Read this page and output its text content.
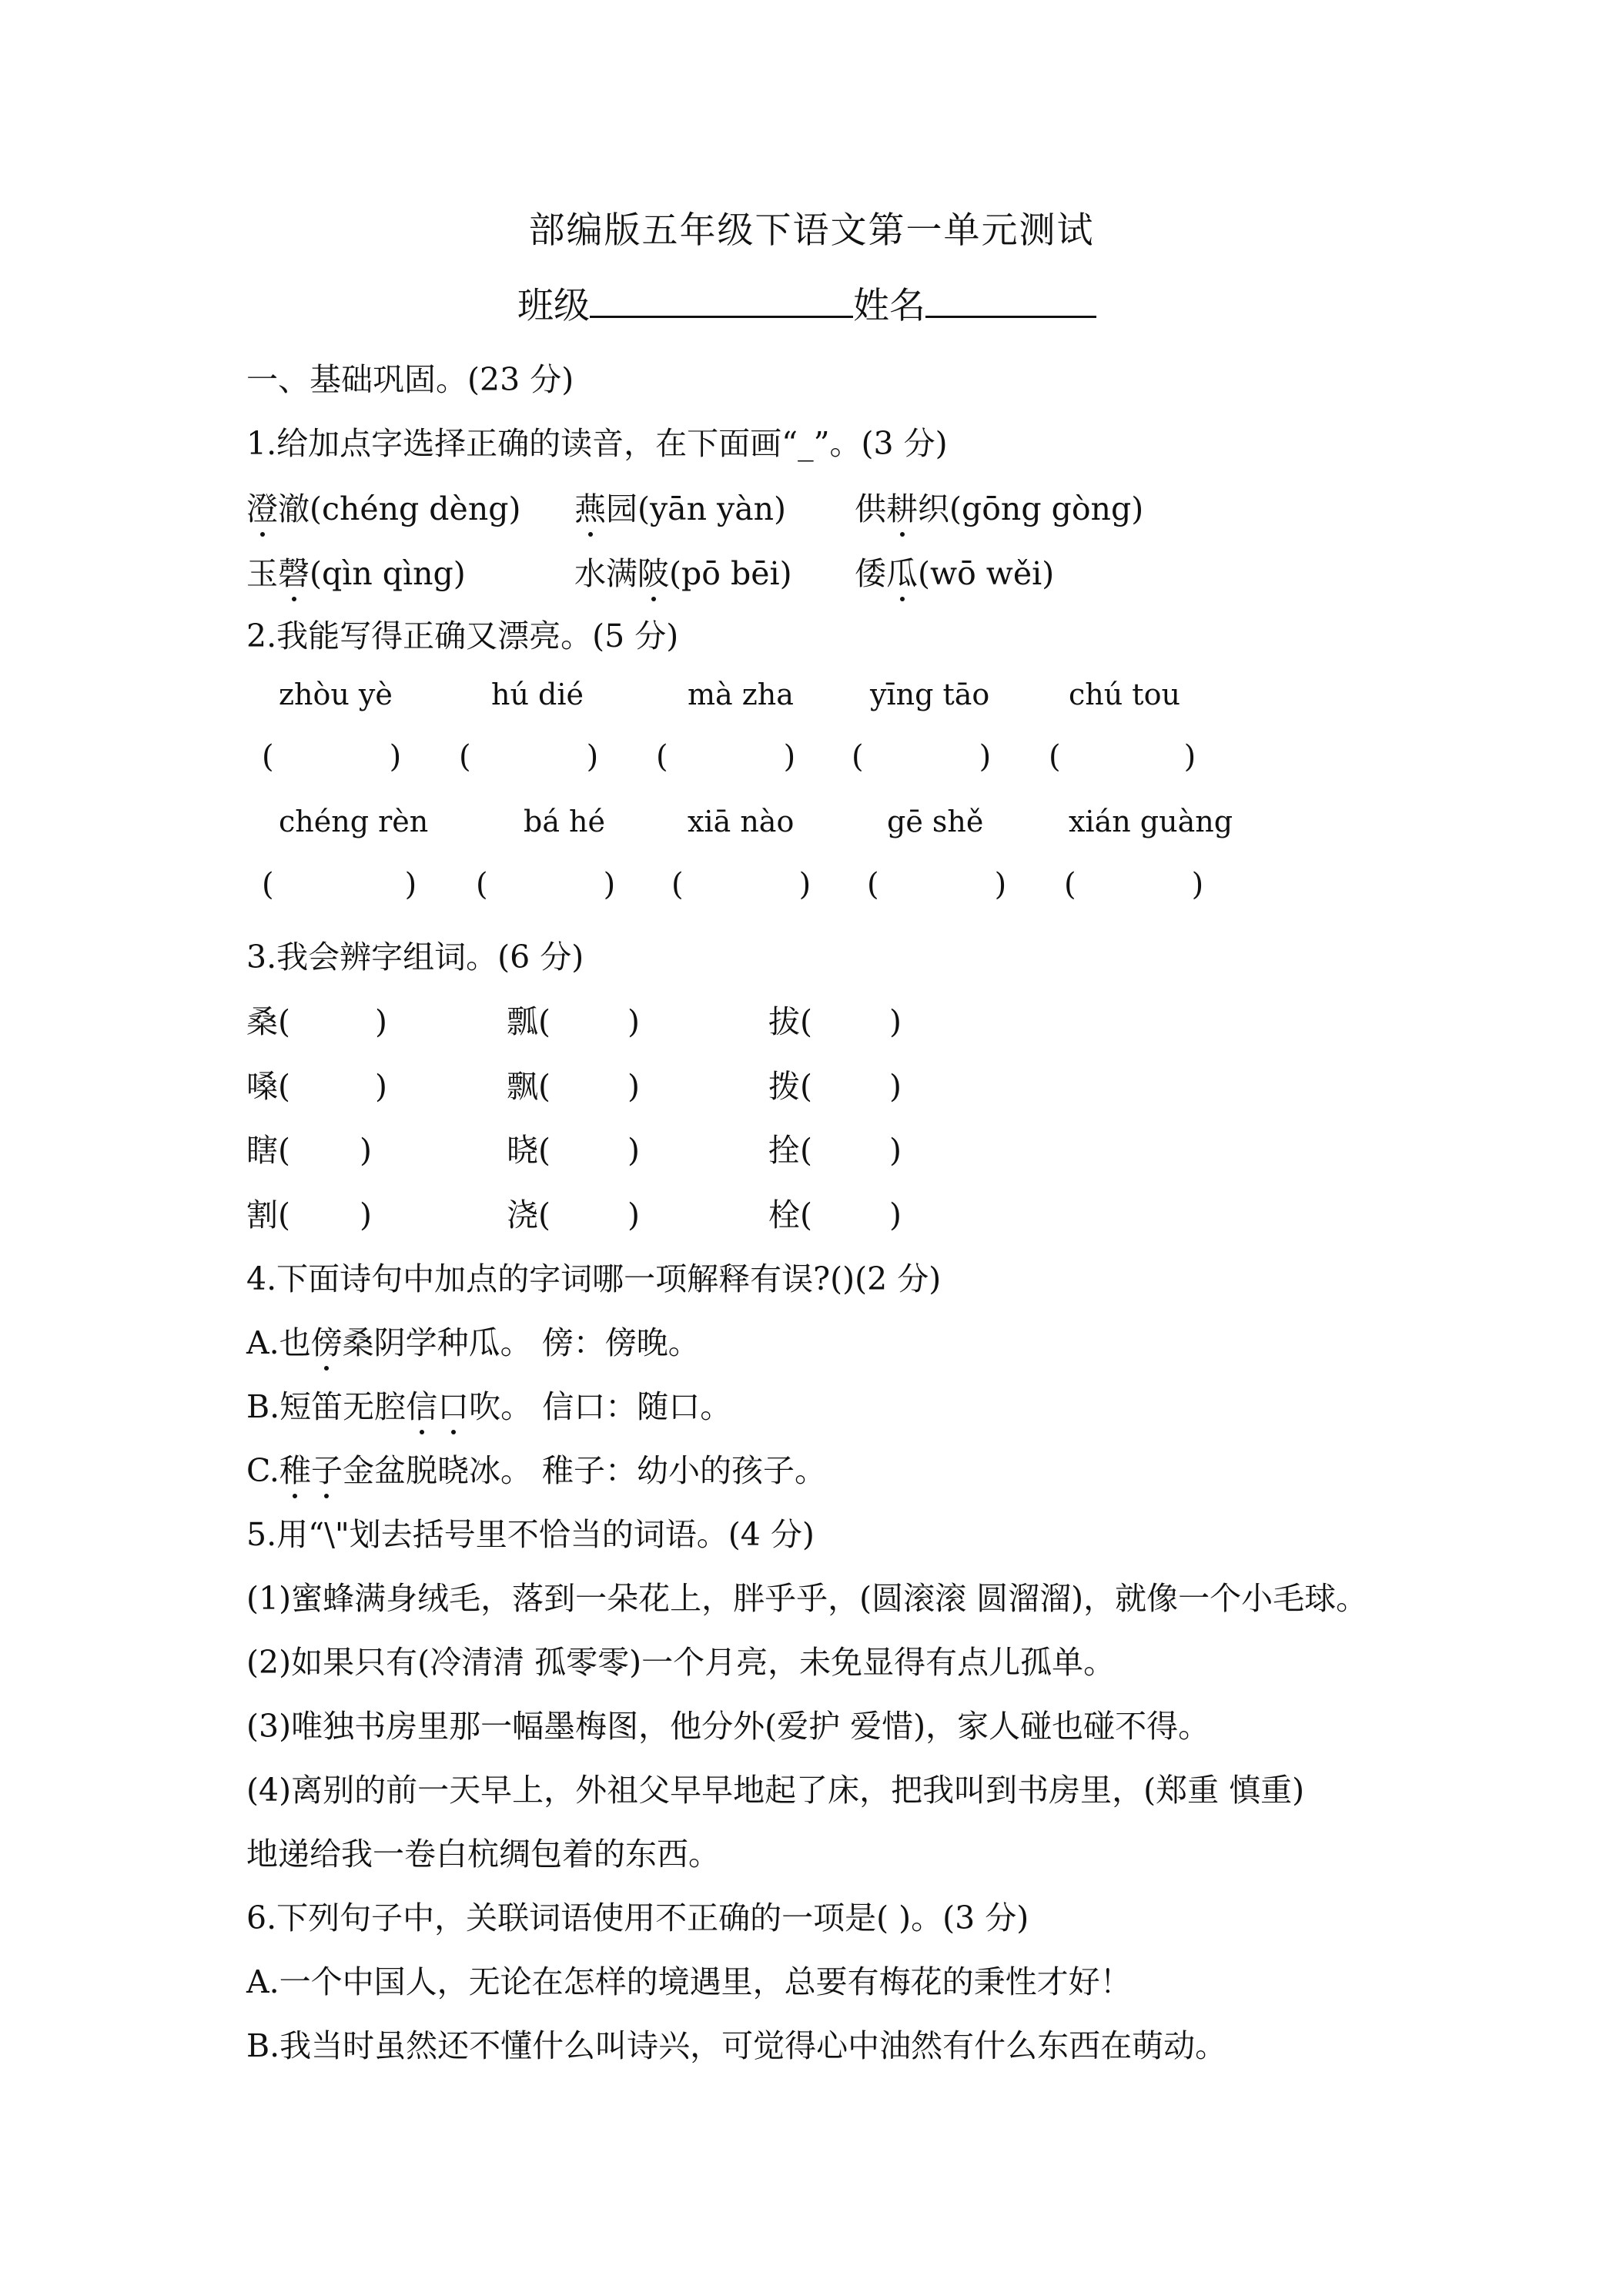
部编版五年级下语文第一单元测试
班级	姓名
一、基础巩固。(23 分)
1.给加点字选择正确的读音，在下面画“_”。(3 分)
澄澈(chéng dèng) 燕园(yān yàn) 供耕织(gōng gòng)
玉磬(qìn qìng)	水满陂(pō bēi) 倭瓜(wō wěi)
2.我能写得正确又漂亮。(5 分)
zhòu yè	hú dié	mà zha	yīng tāo	chú tou
(	) (	) (	) (	) (	)
chéng rèn	bá hé	xiā nào	gē shě	xián guàng
(	) (	) (	) (	) (	)
3.我会辨字组词。(6 分)
桑(	)	瓢( )	拔( )
嗓(	)	飘( )	拨( )
瞎( )	晓( )	拴( )
割( )	浇( )	栓( )
4.下面诗句中加点的字词哪一项解释有误?()(2 分)
A.也傍桑阴学种瓜。 傍：傍晚。
B.短笛无腔信口吹。 信口：随口。
C.稚子金盆脱晓冰。 稚子：幼小的孩子。
5.用“\"划去括号里不恰当的词语。(4 分)
(1)蜜蜂满身绒毛，落到一朵花上，胖乎乎，(圆滚滚 圆溜溜)，就像一个小毛球。
(2)如果只有(冷清清 孤零零)一个月亮，未免显得有点儿孤单。
(3)唯独书房里那一幅墨梅图，他分外(爱护 爱惜)，家人碰也碰不得。
(4)离别的前一天早上，外祖父早早地起了床，把我叫到书房里，(郑重 慎重)
地递给我一卷白杭绸包着的东西。
6.下列句子中，关联词语使用不正确的一项是( )。(3 分)
A.一个中国人，无论在怎样的境遇里，总要有梅花的秉性才好！
B.我当时虽然还不懂什么叫诗兴，可觉得心中油然有什么东西在萌动。
